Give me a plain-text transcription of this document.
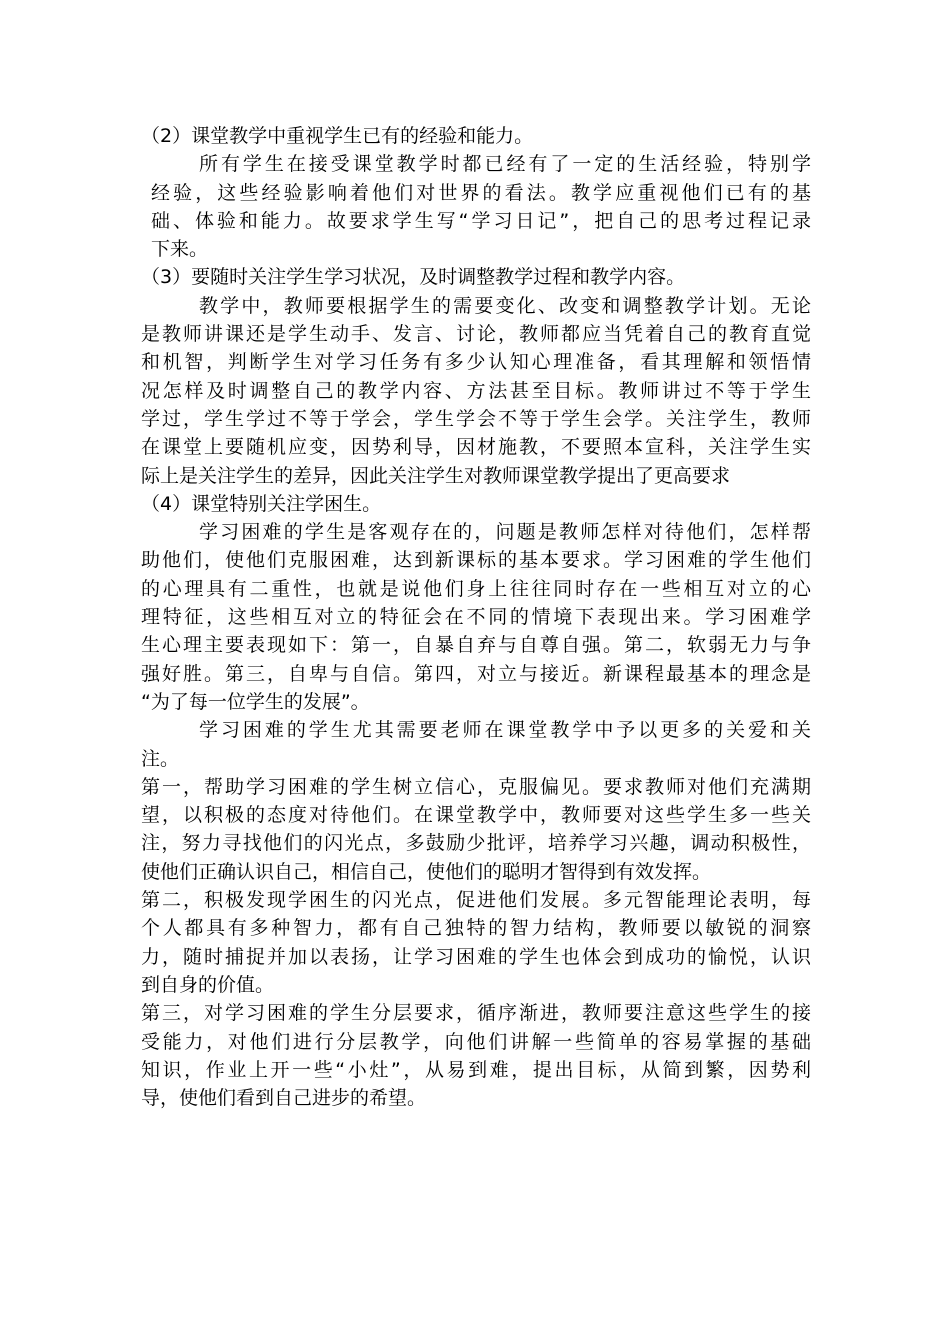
（2）课堂教学中重视学生已有的经验和能力。
所有学生在接受课堂教学时都已经有了一定的生活经验，特别学
经验，这些经验影响着他们对世界的看法。教学应重视他们已有的基
础、体验和能力。故要求学生写“学习日记”，把自己的思考过程记录
下来。
（3）要随时关注学生学习状况，及时调整教学过程和教学内容。
教学中，教师要根据学生的需要变化、改变和调整教学计划。无论
是教师讲课还是学生动手、发言、讨论，教师都应当凭着自己的教育直觉
和机智，判断学生对学习任务有多少认知心理准备，看其理解和领悟情
况怎样及时调整自己的教学内容、方法甚至目标。教师讲过不等于学生
学过，学生学过不等于学会，学生学会不等于学生会学。关注学生，教师
在课堂上要随机应变，因势利导，因材施教，不要照本宣科，关注学生实
际上是关注学生的差异，因此关注学生对教师课堂教学提出了更高要求
（4）课堂特别关注学困生。
学习困难的学生是客观存在的，问题是教师怎样对待他们，怎样帮
助他们，使他们克服困难，达到新课标的基本要求。学习困难的学生他们
的心理具有二重性，也就是说他们身上往往同时存在一些相互对立的心
理特征，这些相互对立的特征会在不同的情境下表现出来。学习困难学
生心理主要表现如下：第一，自暴自弃与自尊自强。第二，软弱无力与争
强好胜。第三，自卑与自信。第四，对立与接近。新课程最基本的理念是
“为了每一位学生的发展”。
学习困难的学生尤其需要老师在课堂教学中予以更多的关爱和关
注。
第一，帮助学习困难的学生树立信心，克服偏见。要求教师对他们充满期
望，以积极的态度对待他们。在课堂教学中，教师要对这些学生多一些关
注，努力寻找他们的闪光点，多鼓励少批评，培养学习兴趣，调动积极性，
使他们正确认识自己，相信自己，使他们的聪明才智得到有效发挥。
第二，积极发现学困生的闪光点，促进他们发展。多元智能理论表明，每
个人都具有多种智力，都有自己独特的智力结构，教师要以敏锐的洞察
力，随时捕捉并加以表扬，让学习困难的学生也体会到成功的愉悦，认识
到自身的价值。
第三，对学习困难的学生分层要求，循序渐进，教师要注意这些学生的接
受能力，对他们进行分层教学，向他们讲解一些简单的容易掌握的基础
知识，作业上开一些“小灶”，从易到难，提出目标，从简到繁，因势利
导，使他们看到自己进步的希望。
